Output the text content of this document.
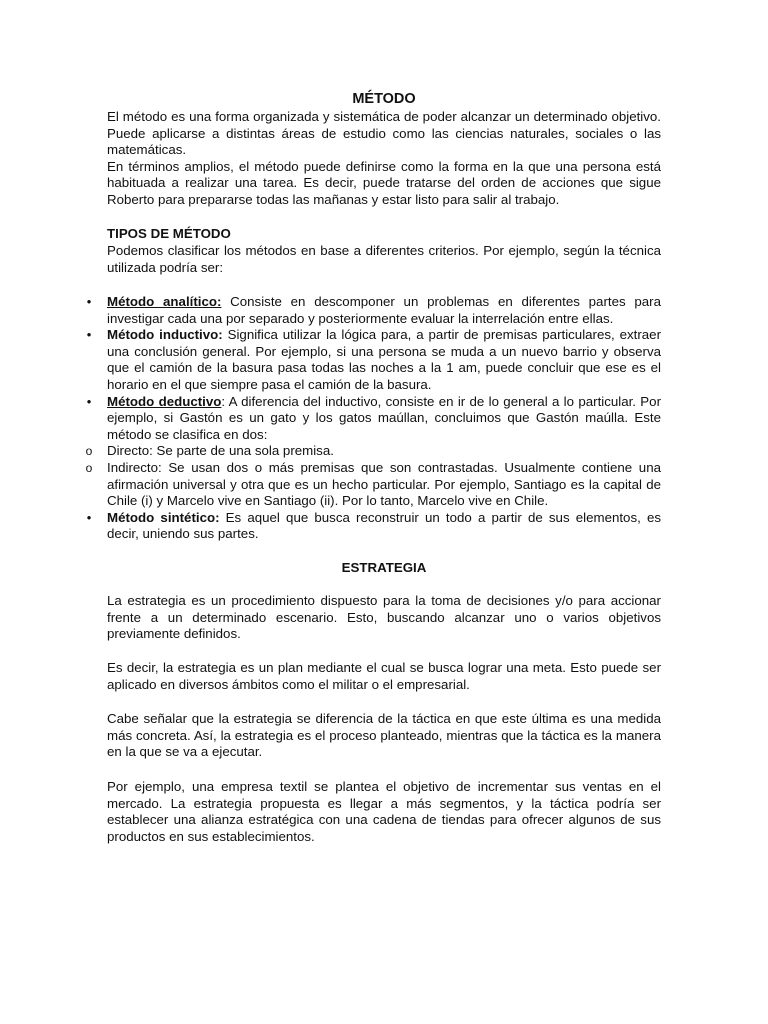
MÉTODO

El método es una forma organizada y sistemática de poder alcanzar un determinado objetivo. Puede aplicarse a distintas áreas de estudio como las ciencias naturales, sociales o las matemáticas.

En términos amplios, el método puede definirse como la forma en la que una persona está habituada a realizar una tarea. Es decir, puede tratarse del orden de acciones que sigue Roberto para prepararse todas las mañanas y estar listo para salir al trabajo.

TIPOS DE MÉTODO
Podemos clasificar los métodos en base a diferentes criterios. Por ejemplo, según la técnica utilizada podría ser:
•	Método analítico: Consiste en descomponer un problemas en diferentes partes para investigar cada una por separado y posteriormente evaluar la interrelación entre ellas.
•	Método inductivo: Significa utilizar la lógica para, a partir de premisas particulares, extraer una conclusión general. Por ejemplo, si una persona se muda a un nuevo barrio y observa que el camión de la basura pasa todas las noches a la 1 am, puede concluir que ese es el horario en el que siempre pasa el camión de la basura.
•	Método deductivo: A diferencia del inductivo, consiste en ir de lo general a lo particular. Por ejemplo, si Gastón es un gato y los gatos maúllan, concluimos que Gastón maúlla. Este método se clasifica en dos:
o Directo: Se parte de una sola premisa.
o Indirecto: Se usan dos o más premisas que son contrastadas. Usualmente contiene una afirmación universal y otra que es un hecho particular. Por ejemplo, Santiago es la capital de Chile (i) y Marcelo vive en Santiago (ii). Por lo tanto, Marcelo vive en Chile.
•	Método sintético: Es aquel que busca reconstruir un todo a partir de sus elementos, es decir, uniendo sus partes.
ESTRATEGIA
La estrategia es un procedimiento dispuesto para la toma de decisiones y/o para accionar frente a un determinado escenario. Esto, buscando alcanzar uno o varios objetivos previamente definidos.
Es decir, la estrategia es un plan mediante el cual se busca lograr una meta. Esto puede ser aplicado en diversos ámbitos como el militar o el empresarial.
Cabe señalar que la estrategia se diferencia de la táctica en que este última es una medida más concreta. Así, la estrategia es el proceso planteado, mientras que la táctica es la manera en la que se va a ejecutar.
Por ejemplo, una empresa textil se plantea el objetivo de incrementar sus ventas en el mercado. La estrategia propuesta es llegar a más segmentos, y la táctica podría ser establecer una alianza estratégica con una cadena de tiendas para ofrecer algunos de sus productos en sus establecimientos.
